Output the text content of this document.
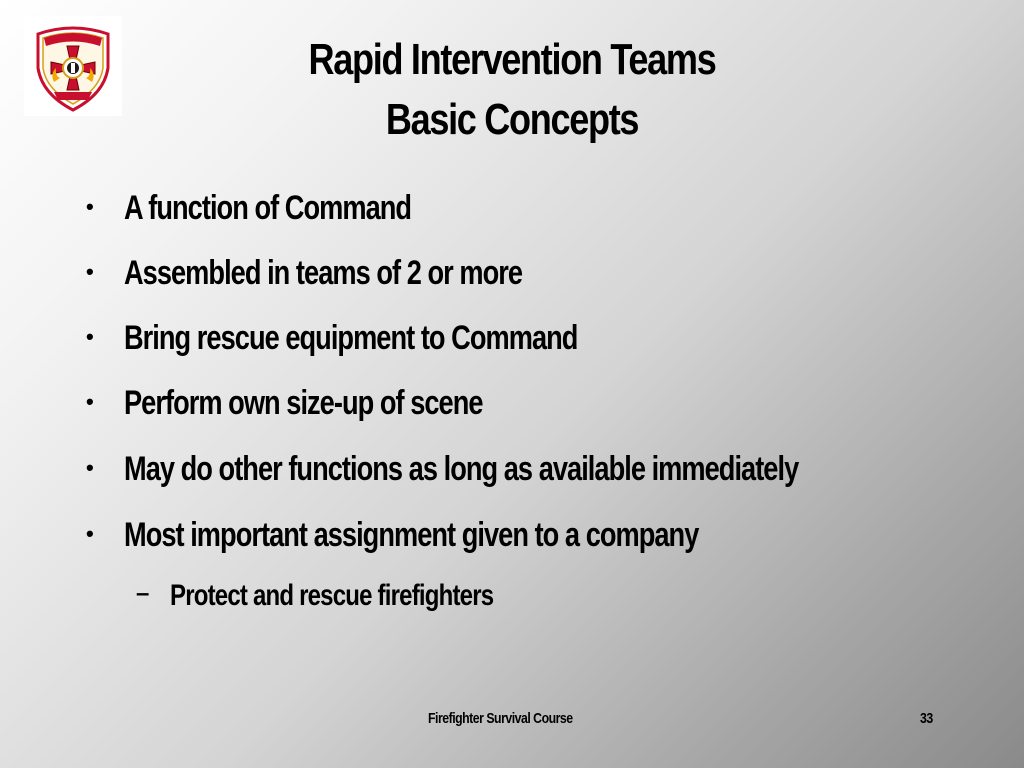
Rapid Intervention Teams
Basic Concepts
• A function of Command
• Assembled in teams of 2 or more
• Bring rescue equipment to Command
• Perform own size-up of scene
• May do other functions as long as available immediately
• Most important assignment given to a company
– Protect and rescue firefighters
Firefighter Survival Course	33
